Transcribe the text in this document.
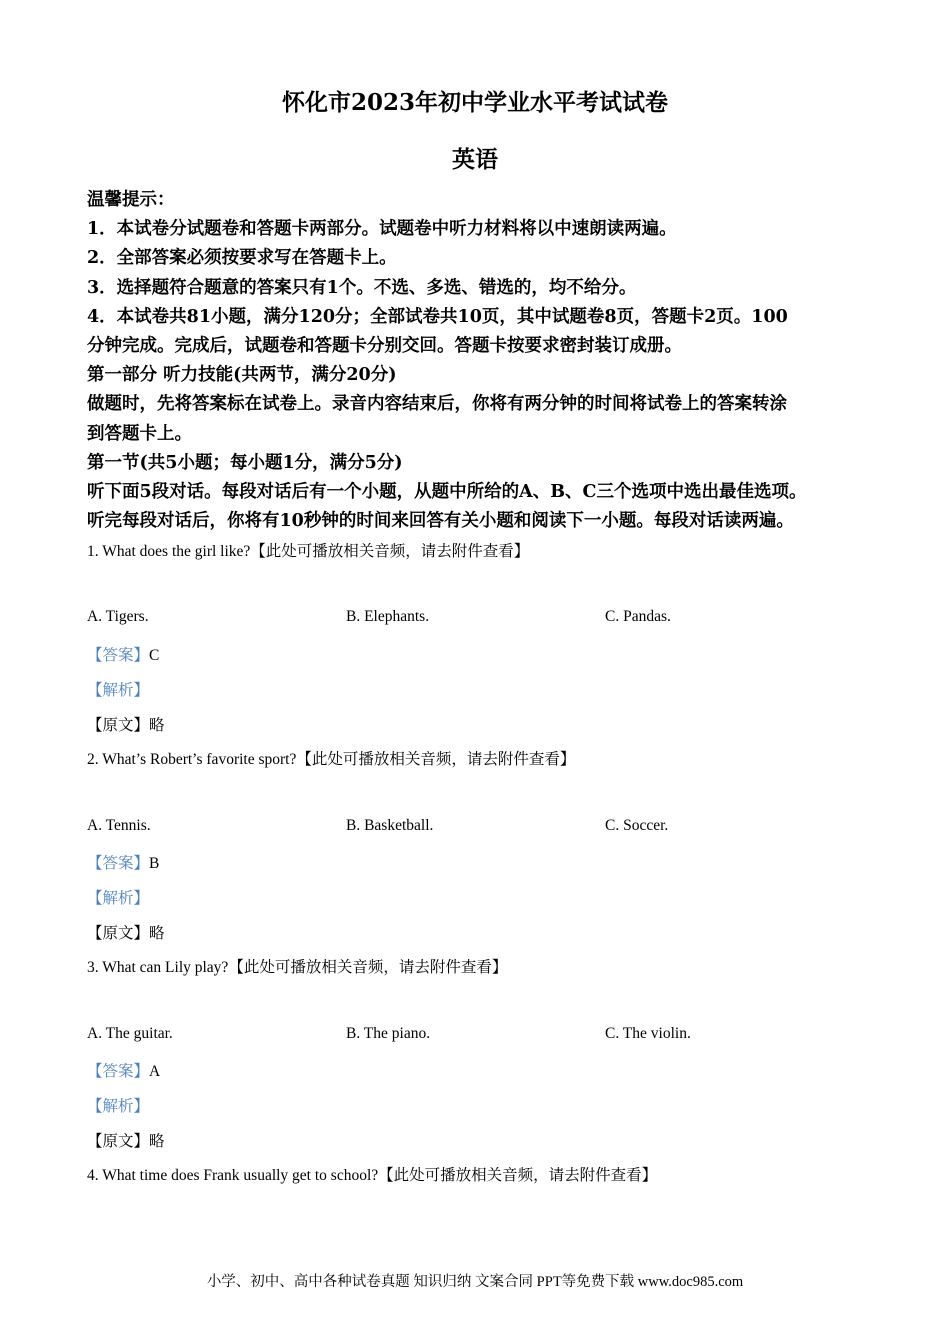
怀化市2023年初中学业水平考试试卷
英语
温馨提示：
1．本试卷分试题卷和答题卡两部分。试题卷中听力材料将以中速朗读两遍。
2．全部答案必须按要求写在答题卡上。
3．选择题符合题意的答案只有1个。不选、多选、错选的，均不给分。
4．本试卷共81小题，满分120分；全部试卷共10页，其中试题卷8页，答题卡2页。100
分钟完成。完成后，试题卷和答题卡分别交回。答题卡按要求密封装订成册。
第一部分 听力技能(共两节，满分20分)
做题时，先将答案标在试卷上。录音内容结束后，你将有两分钟的时间将试卷上的答案转涂
到答题卡上。
第一节(共5小题；每小题1分，满分5分)
听下面5段对话。每段对话后有一个小题，从题中所给的A、B、C三个选项中选出最佳选项。
听完每段对话后，你将有10秒钟的时间来回答有关小题和阅读下一小题。每段对话读两遍。
1. What does the girl like?【此处可播放相关音频，请去附件查看】
A. Tigers.	B. Elephants.	C. Pandas.
【答案】C
【解析】
【原文】略
2. What’s Robert’s favorite sport?【此处可播放相关音频，请去附件查看】
A. Tennis.	B. Basketball.	C. Soccer.
【答案】B
【解析】
【原文】略
3. What can Lily play?【此处可播放相关音频，请去附件查看】
A. The guitar.	B. The piano.	C. The violin.
【答案】A
【解析】
【原文】略
4. What time does Frank usually get to school?【此处可播放相关音频，请去附件查看】
小学、初中、高中各种试卷真题 知识归纳 文案合同 PPT等免费下载 www.doc985.com
